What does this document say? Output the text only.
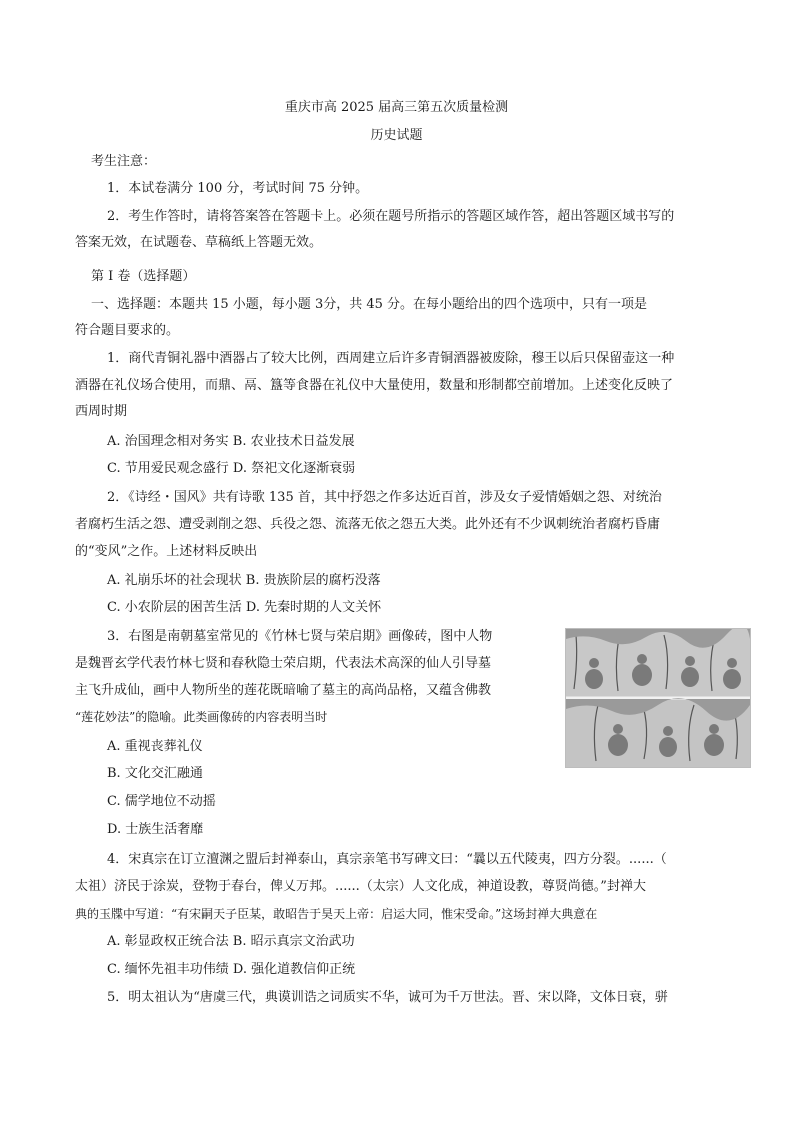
重庆市高 2025 届高三第五次质量检测
历史试题
考生注意：
1．本试卷满分 100 分，考试时间 75 分钟。
2．考生作答时，请将答案答在答题卡上。必须在题号所指示的答题区域作答，超出答题区域书写的
答案无效，在试题卷、草稿纸上答题无效。
第 I 卷（选择题）
一、选择题：本题共 15 小题，每小题 3分，共 45 分。在每小题给出的四个选项中，只有一项是
符合题目要求的。
1．商代青铜礼器中酒器占了较大比例，西周建立后许多青铜酒器被废除，穆王以后只保留壶这一种
酒器在礼仪场合使用，而鼎、鬲、簋等食器在礼仪中大量使用，数量和形制都空前增加。上述变化反映了
西周时期
A. 治国理念相对务实 B. 农业技术日益发展
C. 节用爱民观念盛行 D. 祭祀文化逐渐衰弱
2．《诗经・国风》共有诗歌 135 首，其中抒怨之作多达近百首，涉及女子爱情婚姻之怨、对统治
者腐朽生活之怨、遭受剥削之怨、兵役之怨、流落无依之怨五大类。此外还有不少讽刺统治者腐朽昏庸
的“变风”之作。上述材料反映出
A. 礼崩乐坏的社会现状 B. 贵族阶层的腐朽没落
C. 小农阶层的困苦生活 D. 先秦时期的人文关怀
3．右图是南朝墓室常见的《竹林七贤与荣启期》画像砖，图中人物
是魏晋玄学代表竹林七贤和春秋隐士荣启期，代表法术高深的仙人引导墓
主飞升成仙，画中人物所坐的莲花既暗喻了墓主的高尚品格，又蕴含佛教
“莲花妙法”的隐喻。此类画像砖的内容表明当时
A. 重视丧葬礼仪
B. 文化交汇融通
C. 儒学地位不动摇
D. 士族生活奢靡
4．宋真宗在订立澶渊之盟后封禅泰山，真宗亲笔书写碑文曰：“曩以五代陵夷，四方分裂。......（
太祖）济民于涂炭，登物于春台，俾乂万邦。......（太宗）人文化成，神道设教，尊贤尚德。”封禅大
典的玉牒中写道：“有宋嗣天子臣某，敢昭告于昊天上帝：启运大同，惟宋受命。”这场封禅大典意在
A. 彰显政权正统合法 B. 昭示真宗文治武功
C. 缅怀先祖丰功伟绩 D. 强化道教信仰正统
5．明太祖认为“唐虞三代，典谟训诰之词质实不华，诚可为千万世法。晋、宋以降，文体日衰，骈
